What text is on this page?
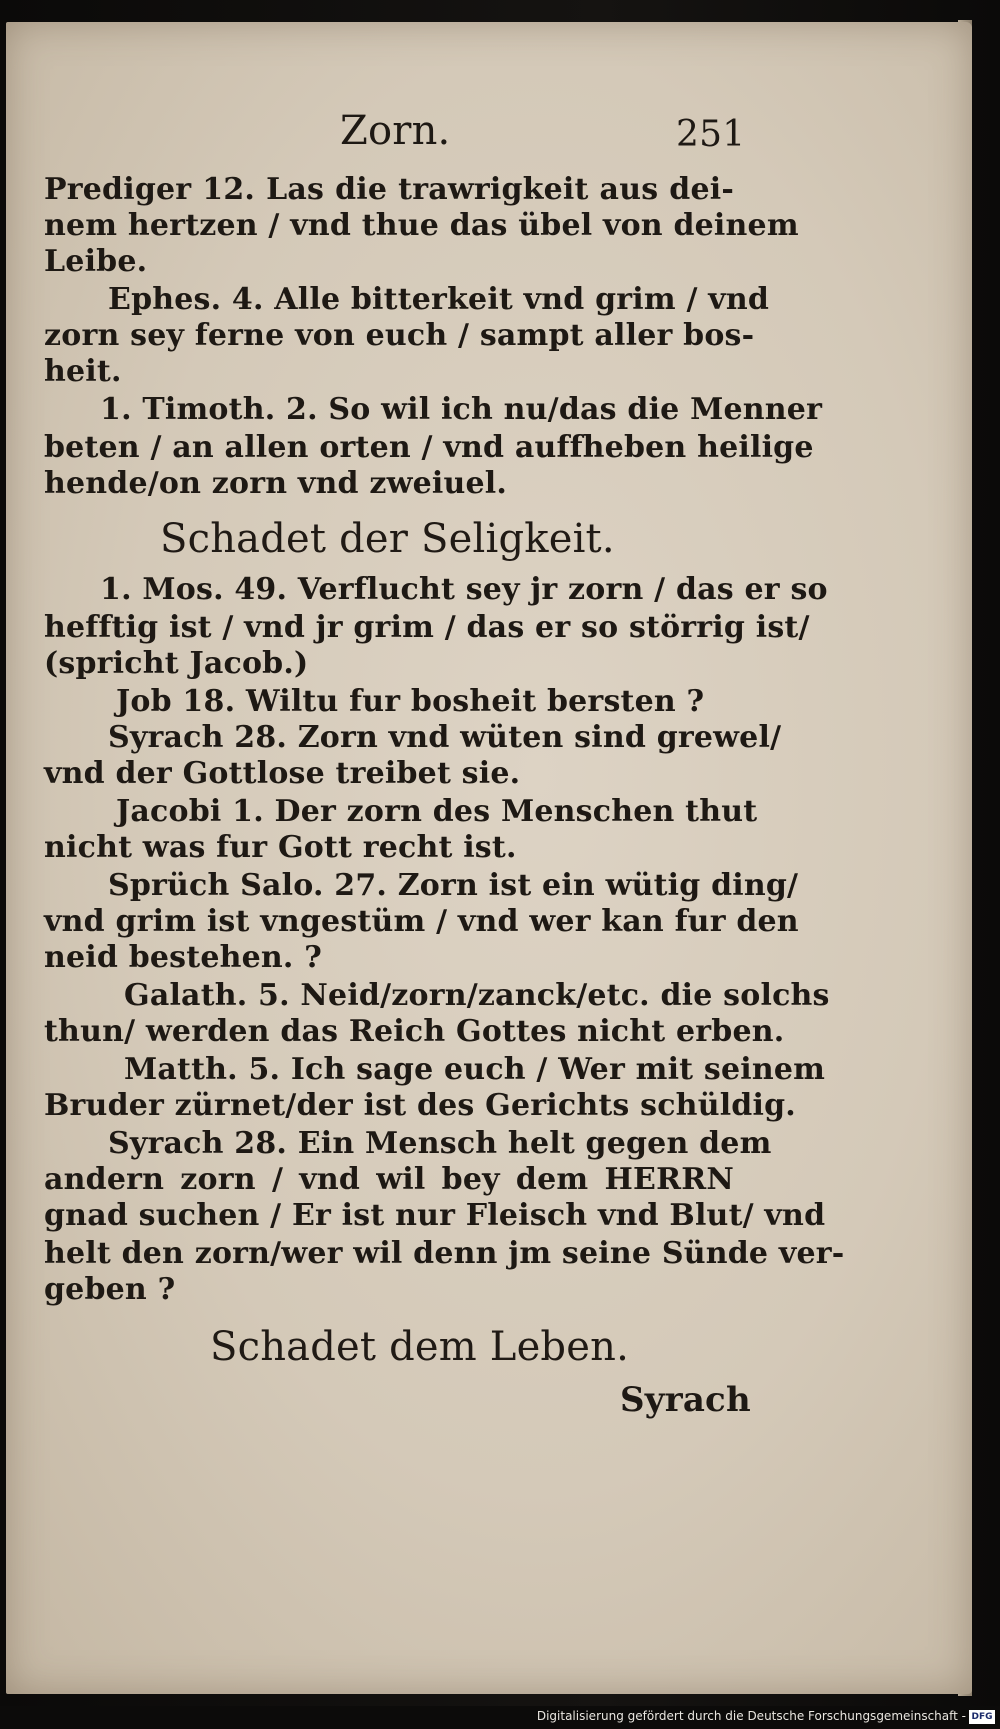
Zorn.	251
Prediger 12. Las die trawrigkeit aus dei-
nem hertzen / vnd thue das übel von deinem
Leibe.
Ephes. 4. Alle bitterkeit vnd grim / vnd
zorn sey ferne von euch / sampt aller bos-
heit.
1. Timoth. 2. So wil ich nu/das die Menner
beten / an allen orten / vnd auffheben heilige
hende/on zorn vnd zweiuel.
Schadet der Seligkeit.
1. Mos. 49. Verflucht sey jr zorn / das er so
hefftig ist / vnd jr grim / das er so störrig ist/
(spricht Jacob.)
Job 18. Wiltu fur bosheit bersten ?
Syrach 28. Zorn vnd wüten sind grewel/
vnd der Gottlose treibet sie.
Jacobi 1. Der zorn des Menschen thut
nicht was fur Gott recht ist.
Sprüch Salo. 27. Zorn ist ein wütig ding/
vnd grim ist vngestüm / vnd wer kan fur den
neid bestehen. ?
Galath. 5. Neid/zorn/zanck/etc. die solchs
thun/ werden das Reich Gottes nicht erben.
Matth. 5. Ich sage euch / Wer mit seinem
Bruder zürnet/der ist des Gerichts schüldig.
Syrach 28. Ein Mensch helt gegen dem
andern zorn / vnd wil bey dem HERRN
gnad suchen / Er ist nur Fleisch vnd Blut/ vnd
helt den zorn/wer wil denn jm seine Sünde ver-
geben ?
Schadet dem Leben.
Syrach
Digitalisierung gefördert durch die Deutsche Forschungsgemeinschaft - DFG
